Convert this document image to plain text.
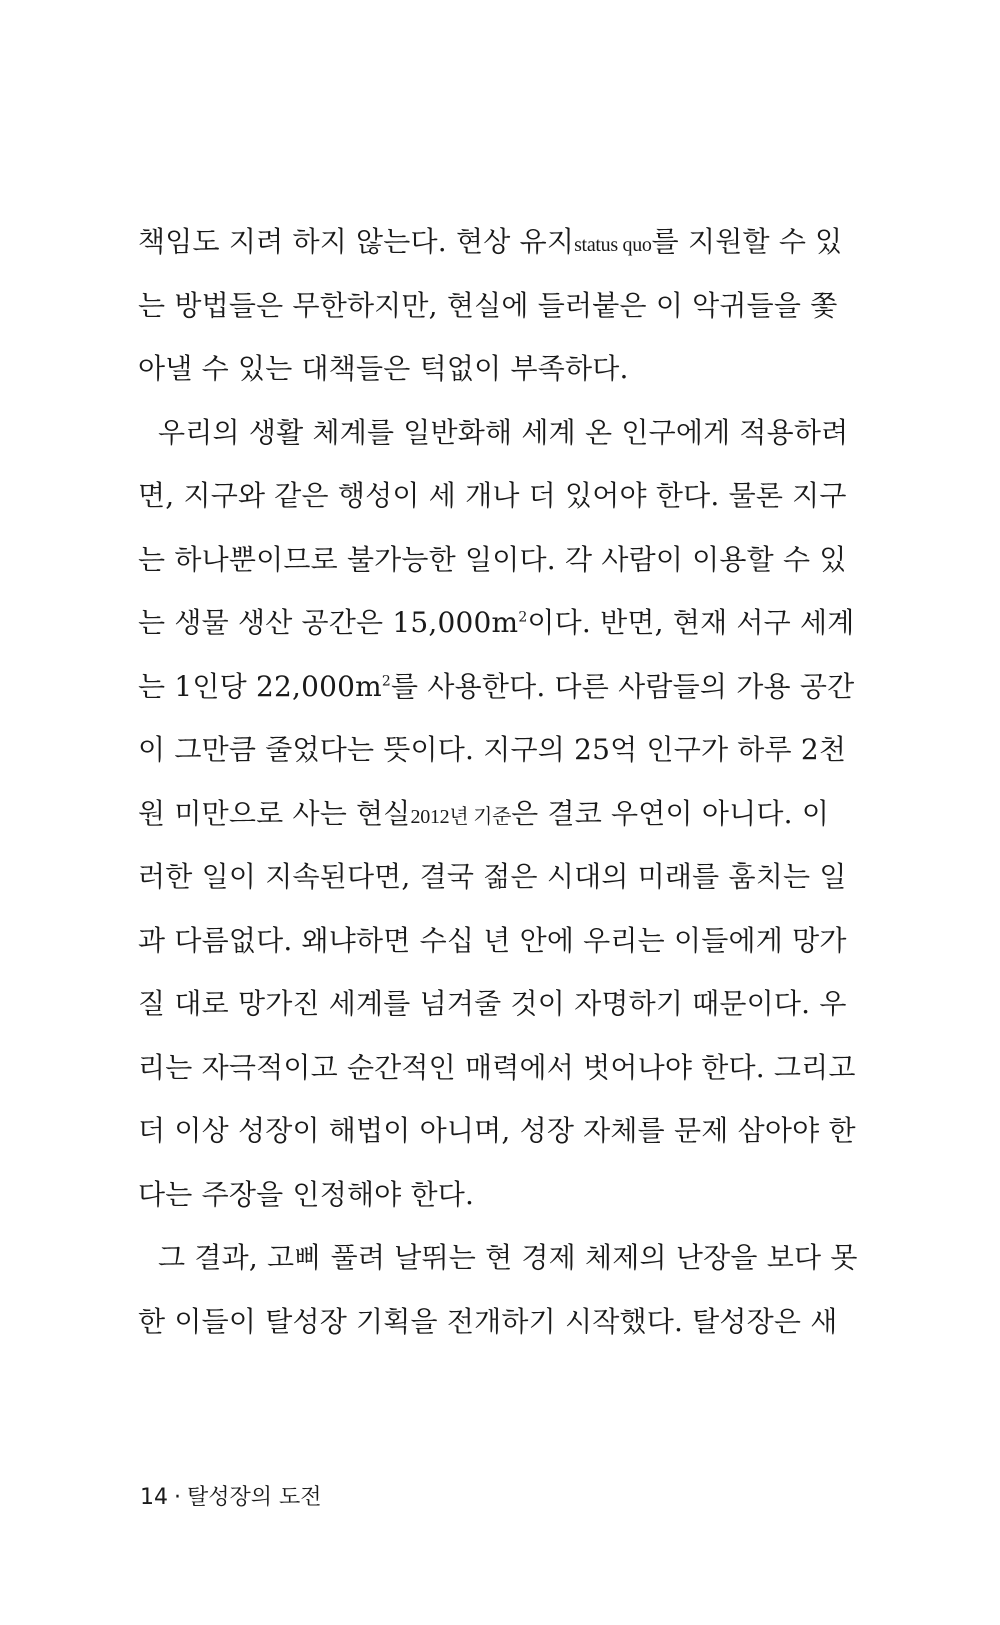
책임도 지려 하지 않는다. 현상 유지status quo를 지원할 수 있
는 방법들은 무한하지만, 현실에 들러붙은 이 악귀들을 쫓
아낼 수 있는 대책들은 턱없이 부족하다.
우리의 생활 체계를 일반화해 세계 온 인구에게 적용하려
면, 지구와 같은 행성이 세 개나 더 있어야 한다. 물론 지구
는 하나뿐이므로 불가능한 일이다. 각 사람이 이용할 수 있
는 생물 생산 공간은 $15,000m^2$이다. 반면, 현재 서구 세계
는 1인당 $22,000m^2$를 사용한다. 다른 사람들의 가용 공간
이 그만큼 줄었다는 뜻이다. 지구의 25억 인구가 하루 2천
원 미만으로 사는 현실2012년 기준은 결코 우연이 아니다. 이
러한 일이 지속된다면, 결국 젊은 시대의 미래를 훔치는 일
과 다름없다. 왜냐하면 수십 년 안에 우리는 이들에게 망가
질 대로 망가진 세계를 넘겨줄 것이 자명하기 때문이다. 우
리는 자극적이고 순간적인 매력에서 벗어나야 한다. 그리고
더 이상 성장이 해법이 아니며, 성장 자체를 문제 삼아야 한
다는 주장을 인정해야 한다.
그 결과, 고삐 풀려 날뛰는 현 경제 체제의 난장을 보다 못
한 이들이 탈성장 기획을 전개하기 시작했다. 탈성장은 새
14 · 탈성장의 도전
